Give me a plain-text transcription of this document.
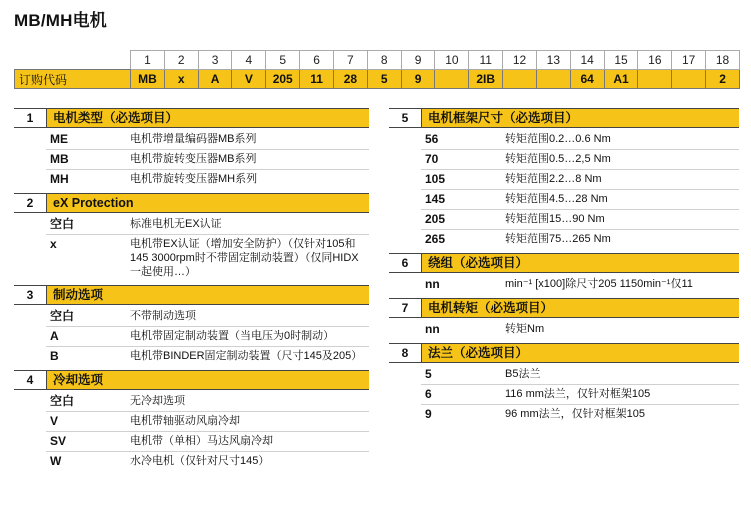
MB/MH电机
	1	2	3	4	5	6	7	8	9	10	11	12	13	14	15	16	17	18
订购代码	MB	x	A	V	205	11	28	5	9		2IB			64	A1			2
1	电机类型（必选项目）
ME	电机带增量编码器MB系列
MB	电机带旋转变压器MB系列
MH	电机带旋转变压器MH系列
2	eX Protection
空白	标准电机无EX认证
x	电机带EX认证（增加安全防护）（仅针对105和145 3000rpm时不带固定制动装置）（仅同HIDX一起使用…）
3	制动选项
空白	不带制动选项
A	电机带固定制动装置（当电压为0时制动）
B	电机带BINDER固定制动装置（尺寸145及205）
4	冷却选项
空白	无冷却选项
V	电机带轴驱动风扇冷却
SV	电机带（单相）马达风扇冷却
W	水冷电机（仅针对尺寸145）
5	电机框架尺寸（必选项目）
56	转矩范围0.2…0.6 Nm
70	转矩范围0.5…2,5 Nm
105	转矩范围2.2…8 Nm
145	转矩范围4.5…28 Nm
205	转矩范围15…90 Nm
265	转矩范围75…265 Nm
6	绕组（必选项目）
nn	min⁻¹ [x100]除尺寸205 1150min⁻¹仅11
7	电机转矩（必选项目）
nn	转矩Nm
8	法兰（必选项目）
5	B5法兰
6	116 mm法兰，仅针对框架105
9	96 mm法兰，仅针对框架105
